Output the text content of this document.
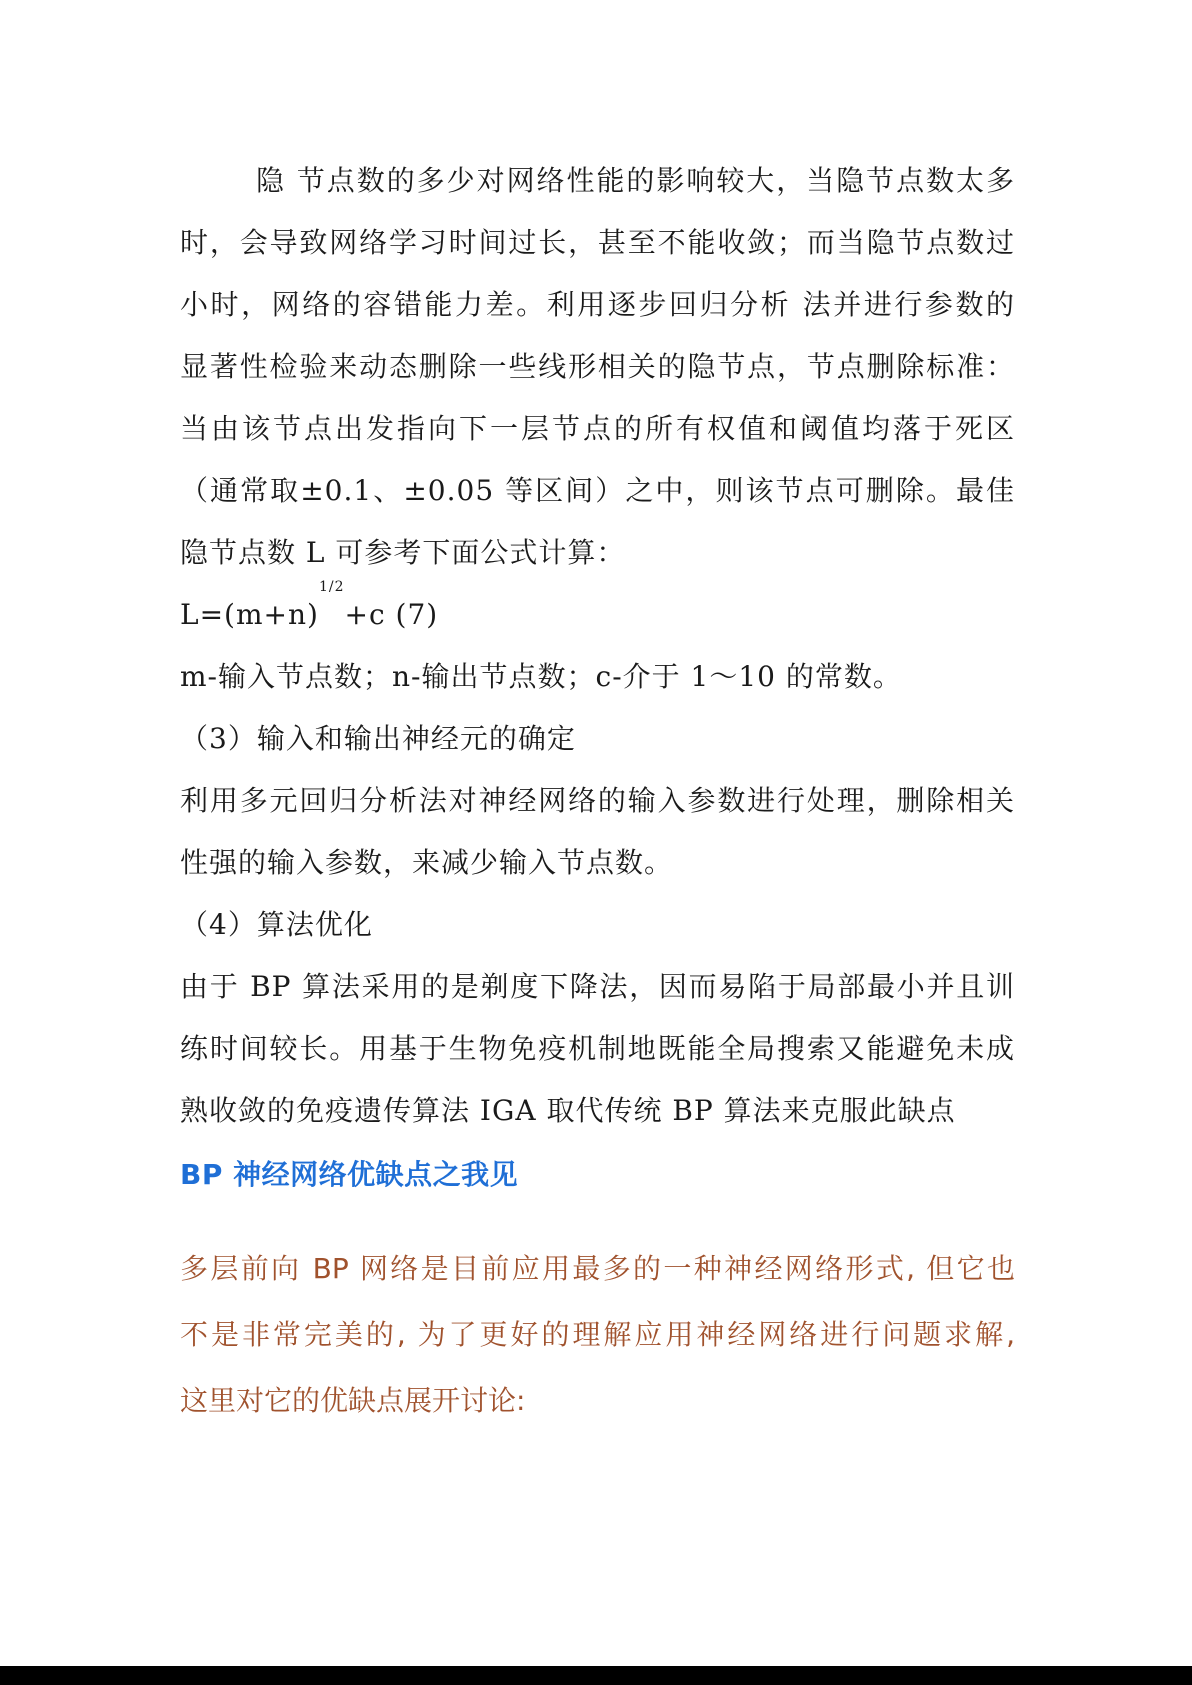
隐 节点数的多少对网络性能的影响较大，当隐节点数太多
时，会导致网络学习时间过长，甚至不能收敛；而当隐节点数过
小时，网络的容错能力差。利用逐步回归分析 法并进行参数的
显著性检验来动态删除一些线形相关的隐节点，节点删除标准：
当由该节点出发指向下一层节点的所有权值和阈值均落于死区
（通常取±0.1、±0.05 等区间）之中，则该节点可删除。最佳
隐节点数 L 可参考下面公式计算：
$L=(m+n)^{1/2}+c$ (7)
m-输入节点数；n-输出节点数；c-介于 1～10 的常数。
（3）输入和输出神经元的确定
利用多元回归分析法对神经网络的输入参数进行处理，删除相关
性强的输入参数，来减少输入节点数。
（4）算法优化
由于 BP 算法采用的是剃度下降法，因而易陷于局部最小并且训
练时间较长。用基于生物免疫机制地既能全局搜索又能避免未成
熟收敛的免疫遗传算法 IGA 取代传统 BP 算法来克服此缺点
BP 神经网络优缺点之我见
多层前向 BP 网络是目前应用最多的一种神经网络形式, 但它也
不是非常完美的, 为了更好的理解应用神经网络进行问题求解,
这里对它的优缺点展开讨论:
